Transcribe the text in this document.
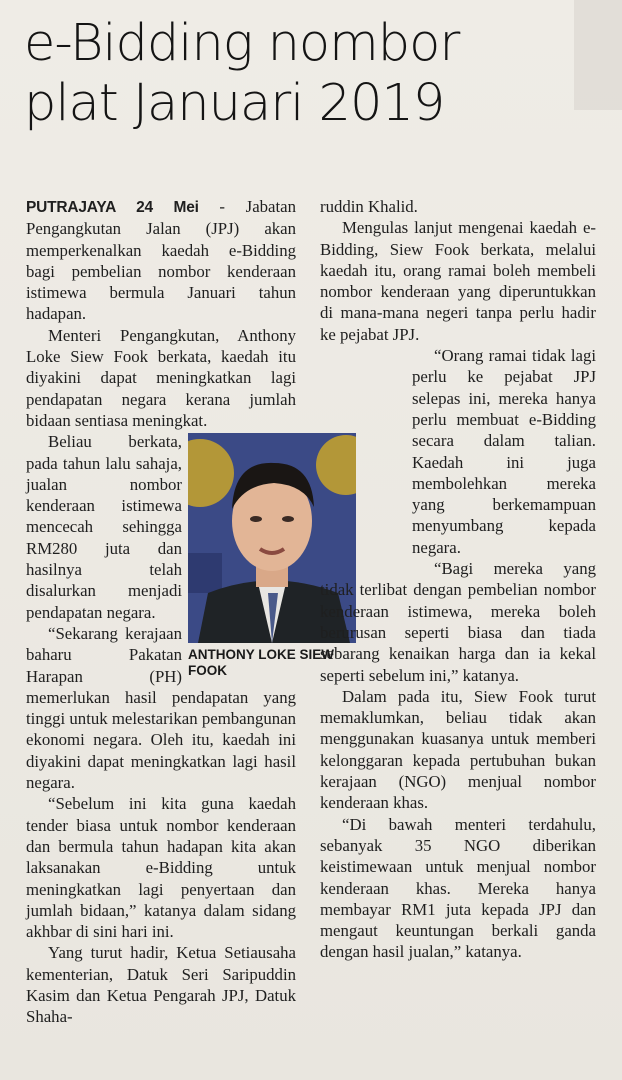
e-Bidding nombor
plat Januari 2019

PUTRAJAYA 24 Mei - Jabatan Pengangkutan Jalan (JPJ) akan memperkenalkan kaedah e-Bidding bagi pembelian nombor kenderaan istimewa bermula Januari tahun hadapan.

Menteri Pengangkutan, Anthony Loke Siew Fook berkata, kaedah itu diyakini dapat meningkatkan lagi pendapatan negara kerana jumlah bidaan sentiasa meningkat.

ANTHONY LOKE SIEW FOOK

Beliau berkata, pada tahun lalu sahaja, jualan nombor kenderaan istimewa mencecah sehingga RM280 juta dan hasilnya telah disalurkan menjadi pendapatan negara.

“Sekarang kerajaan baharu Pakatan Harapan (PH) memerlukan hasil pendapatan yang tinggi untuk melestarikan pembangunan ekonomi negara. Oleh itu, kaedah ini diyakini dapat meningkatkan lagi hasil negara.

“Sebelum ini kita guna kaedah tender biasa untuk nombor kenderaan dan bermula tahun hadapan kita akan laksanakan e-Bidding untuk meningkatkan lagi penyertaan dan jumlah bidaan,” katanya dalam sidang akhbar di sini hari ini.

Yang turut hadir, Ketua Setiausaha kementerian, Datuk Seri Saripuddin Kasim dan Ketua Pengarah JPJ, Datuk Shaha-

ruddin Khalid.

Mengulas lanjut mengenai kaedah e-Bidding, Siew Fook berkata, melalui kaedah itu, orang ramai boleh membeli nombor kenderaan yang diperuntukkan di mana-mana negeri tanpa perlu hadir ke pejabat JPJ.

“Orang ramai tidak lagi perlu ke pejabat JPJ selepas ini, mereka hanya perlu membuat e-Bidding secara dalam talian. Kaedah ini juga membolehkan mereka yang berkemampuan menyumbang kepada negara.

“Bagi mereka yang tidak terlibat dengan pembelian nombor kenderaan istimewa, mereka boleh berurusan seperti biasa dan tiada sebarang kenaikan harga dan ia kekal seperti sebelum ini,” katanya.

Dalam pada itu, Siew Fook turut memaklumkan, beliau tidak akan menggunakan kuasanya untuk memberi kelonggaran kepada pertubuhan bukan kerajaan (NGO) menjual nombor kenderaan khas.

“Di bawah menteri terdahulu, sebanyak 35 NGO diberikan keistimewaan untuk menjual nombor kenderaan khas. Mereka hanya membayar RM1 juta kepada JPJ dan mengaut keuntungan berkali ganda dengan hasil jualan,” katanya.
